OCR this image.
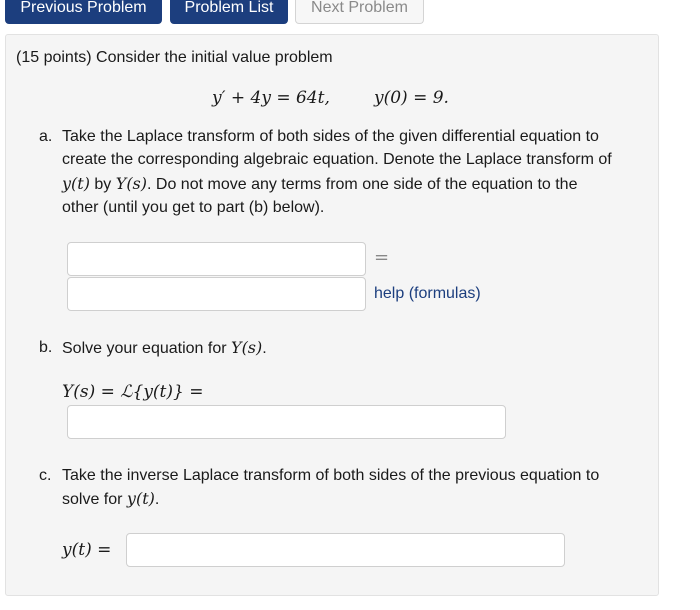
Previous Problem	Problem List	Next Problem
(15 points) Consider the initial value problem
y′ + 4y = 64t,	y(0) = 9.
a. Take the Laplace transform of both sides of the given differential equation to
create the corresponding algebraic equation. Denote the Laplace transform of
y(t) by Y(s). Do not move any terms from one side of the equation to the
other (until you get to part (b) below).
=
help (formulas)
b. Solve your equation for Y(s).
Y(s) = ℒ{y(t)} =
c. Take the inverse Laplace transform of both sides of the previous equation to
solve for y(t).
y(t) =
